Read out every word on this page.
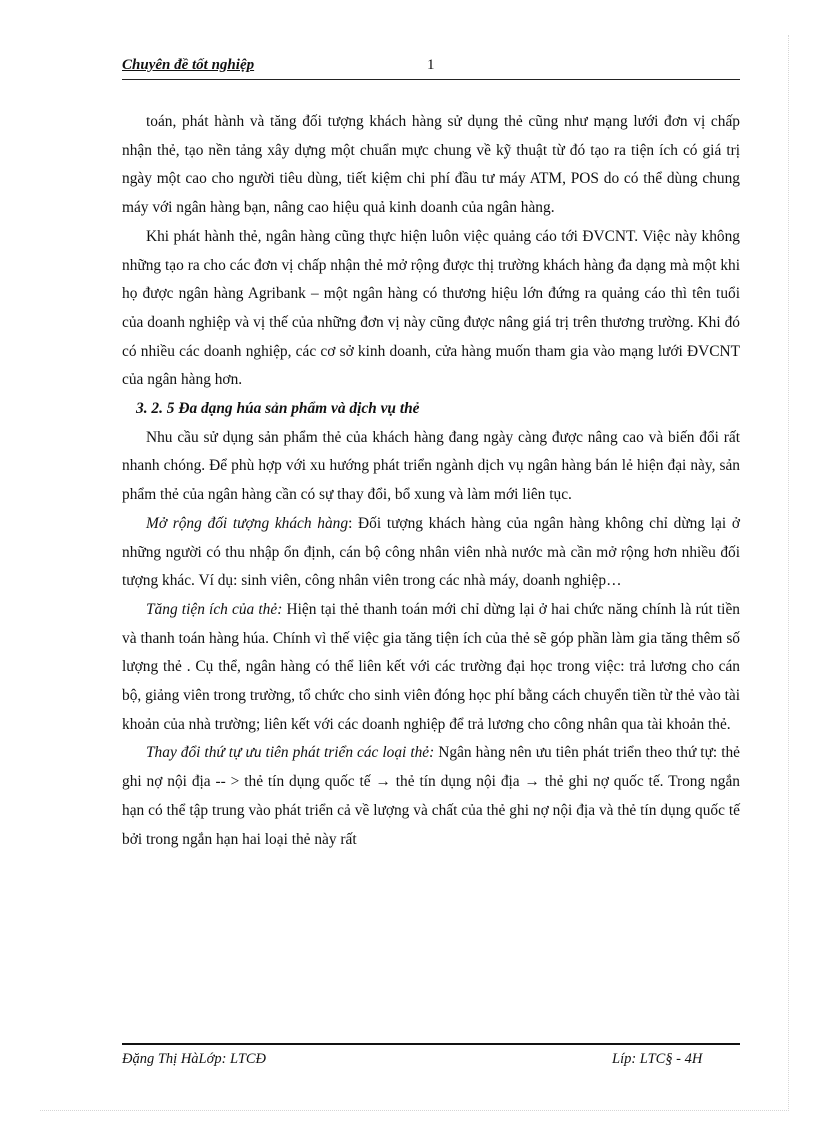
Chuyên đề tốt nghiệp	1

toán, phát hành và tăng đối tượng khách hàng sử dụng thẻ cũng như mạng lưới đơn vị chấp nhận thẻ, tạo nền tảng xây dựng một chuẩn mực chung về kỹ thuật từ đó tạo ra tiện ích có giá trị ngày một cao cho người tiêu dùng, tiết kiệm chi phí đầu tư máy ATM, POS do có thể dùng chung máy với ngân hàng bạn, nâng cao hiệu quả kinh doanh của ngân hàng.

Khi phát hành thẻ, ngân hàng cũng thực hiện luôn việc quảng cáo tới ĐVCNT. Việc này không những tạo ra cho các đơn vị chấp nhận thẻ mở rộng được thị trường khách hàng đa dạng mà một khi họ được ngân hàng Agribank – một ngân hàng có thương hiệu lớn đứng ra quảng cáo thì tên tuổi của doanh nghiệp và vị thế của những đơn vị này cũng được nâng giá trị trên thương trường. Khi đó có nhiều các doanh nghiệp, các cơ sở kinh doanh, cửa hàng muốn tham gia vào mạng lưới ĐVCNT của ngân hàng hơn.

3. 2. 5 Đa dạng húa sản phẩm và dịch vụ thẻ

Nhu cầu sử dụng sản phẩm thẻ của khách hàng đang ngày càng được nâng cao và biến đổi rất nhanh chóng. Để phù hợp với xu hướng phát triển ngành dịch vụ ngân hàng bán lẻ hiện đại này, sản phẩm thẻ của ngân hàng cần có sự thay đổi, bổ xung và làm mới liên tục.

Mở rộng đối tượng khách hàng: Đối tượng khách hàng của ngân hàng không chỉ dừng lại ở những người có thu nhập ổn định, cán bộ công nhân viên nhà nước mà cần mở rộng hơn nhiều đối tượng khác. Ví dụ: sinh viên, công nhân viên trong các nhà máy, doanh nghiệp…

Tăng tiện ích của thẻ: Hiện tại thẻ thanh toán mới chỉ dừng lại ở hai chức năng chính là rút tiền và thanh toán hàng húa. Chính vì thế việc gia tăng tiện ích của thẻ sẽ góp phần làm gia tăng thêm số lượng thẻ . Cụ thể, ngân hàng có thể liên kết với các trường đại học trong việc: trả lương cho cán bộ, giảng viên trong trường, tổ chức cho sinh viên đóng học phí bằng cách chuyển tiền từ thẻ vào tài khoản của nhà trường; liên kết với các doanh nghiệp để trả lương cho công nhân qua tài khoản thẻ.

Thay đổi thứ tự ưu tiên phát triển các loại thẻ: Ngân hàng nên ưu tiên phát triển theo thứ tự: thẻ ghi nợ nội địa -- > thẻ tín dụng quốc tế → thẻ tín dụng nội địa → thẻ ghi nợ quốc tế. Trong ngắn hạn có thể tập trung vào phát triển cả về lượng và chất của thẻ ghi nợ nội địa và thẻ tín dụng quốc tế bởi trong ngắn hạn hai loại thẻ này rất

Đặng Thị HàLớp: LTCĐ	Líp: LTC§ - 4H
